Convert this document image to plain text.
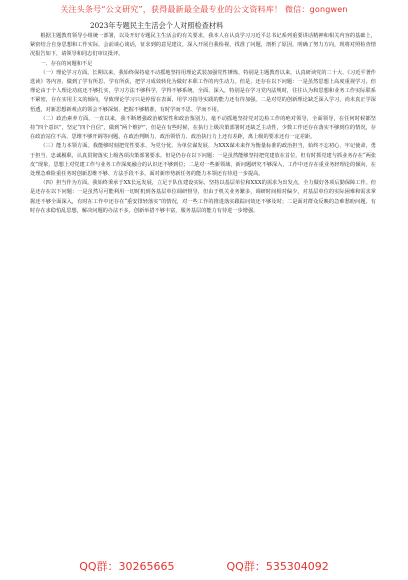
关注头条号“公文研究”，获得最新最全最专业的公文资料库！ 微信：gongwen
2023年专题民主生活会个人对照检查材料

根据主题教育领导小组统一部署，以及开好专题民主生活会的有关要求，我本人在认真学习习近平总书记系列重要讲话精神和相关内容的基础上，紧密结合自身思想和工作实际，会前谈心谈话，征求到的意见建议，深入开展自我检视，找准了问题，剖析了原因，明确了努力方向，现将对照检查情况报告如下，请领导和同志们审议批评。

一、存在的问题和不足

（一）理论学习方面。长期以来，我始终保持毫不动摇地坚持用理论武装加强党性锤炼，特别是主题教育以来，认真研读党的二十大、《习近平著作选读》等内容，做到了学有所思、学有所获，把学习成效转化为做好本职工作的内生动力。但是，还存在以下问题：一是虽然思想上高度重视学习，但理论由于个人理论功底还不够扎实，学习方法不够科学，学得不够系统、全面、深入，特别是在学习党内法规时，往往认为和思想和业务工作实际联系不紧密，存在实用主义的倾向，导致理论学习只是停留在表面，用学习指导实践的能力还有待加强。二是对党的创新理论缺乏深入学习，尚未真正学深悟透，对新思想新观点的领会不够深刻、把握不够精准，有时学而不思、学而不用。

（二）政治素养方面。一直以来，我不断增强政治敏锐性和政治鉴别力，毫不动摇地坚持党对边检工作的绝对领导，全面领导，在任何时候都坚持“四个意识”，坚定“四个自信”，做到“两个维护”，但是在有些时候，在执行上级决策部署时还缺乏主动性，少数工作还存在落实不够到位的情况，存在政治站位不高、思维不够开阔等问题，在政治判断力、政治领悟力、政治执行力上还有差距，离上级的要求还有一定差距。

（三）能力本领方面。我能够时刻把党性要求、为党分忧、为单位谋发展、为XXX谋未来作为衡量标准的政治担当，始终不忘初心、牢记使命，勇于担当、忠诚履职，认真贯彻落实上级各项决策部署要求。但是仍存在以下问题：一是虽然能够坚持把党建放在首位，但有时抓党建与抓业务存在“两张皮”现象，思想上对党建工作与业务工作深度融合的认识还不够到位；二是对一些新领域、新问题研究不够深入，工作中还存在重业务轻理论的倾向，在处理急难险重任务时创新思维不够、方法手段不多，面对新形势新任务的能力本领还有待进一步提高。

（四）担当作为方面。我始终秉承于XX长远发展，立足于队伍建设实际，坚持以基层单位和XXX的需求为出发点，全力做好各项后勤保障工作。但是还存在以下问题：一是虽然尽可能利用一切时机到各基层单位调研督导，但由于机关业务繁多，调研时间相对偏少，对基层单位的实际困难和需求掌握还不够全面深入，有时在工作中还存在“重安排轻落实”的情况，对一些工作的推进落实跟踪问效还不够及时；二是面对群众反映的急难愁盼问题，有时存在求稳怕乱思想，解决问题的办法不多，创新举措不够丰富，服务基层的能力有待进一步增强。

QQ群：30265665	QQ群：535304092
